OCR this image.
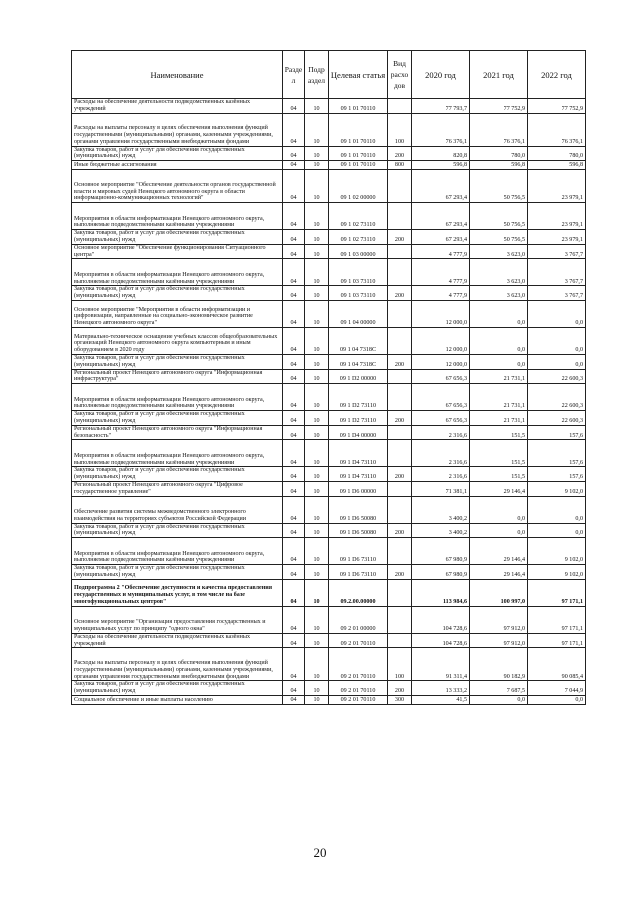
Наименование	Разде л	Подр аздел	Целевая статья	Вид расхо дов	2020 год	2021 год	2022 год
Расходы на обеспечение деятельности подведомственных казённых учреждений	04	10	09 1 01 70110		77 793,7	77 752,9	77 752,9
Расходы на выплаты персоналу в целях обеспечения выполнения функций государственными (муниципальными) органами, казенными учреждениями, органами управления государственными внебюджетными фондами	04	10	09 1 01 70110	100	76 376,1	76 376,1	76 376,1
Закупка товаров, работ и услуг для обеспечения государственных (муниципальных) нужд	04	10	09 1 01 70110	200	820,8	780,0	780,0
Иные бюджетные ассигнования	04	10	09 1 01 70110	800	596,8	596,8	596,8
Основное мероприятие "Обеспечение деятельности органов государственной власти и мировых судей Ненецкого автономного округа в области информационно-коммуникационных технологий"	04	10	09 1 02 00000		67 293,4	50 756,5	23 979,1
Мероприятия в области информатизации Ненецкого автономного округа, выполняемые подведомственными казёнными учреждениями	04	10	09 1 02 73110		67 293,4	50 756,5	23 979,1
Закупка товаров, работ и услуг для обеспечения государственных (муниципальных) нужд	04	10	09 1 02 73110	200	67 293,4	50 756,5	23 979,1
Основное мероприятие "Обеспечение функционирования Ситуационного центра"	04	10	09 1 03 00000		4 777,9	3 623,0	3 767,7
Мероприятия в области информатизации Ненецкого автономного округа, выполняемые подведомственными казёнными учреждениями	04	10	09 1 03 73110		4 777,9	3 623,0	3 767,7
Закупка товаров, работ и услуг для обеспечения государственных (муниципальных) нужд	04	10	09 1 03 73110	200	4 777,9	3 623,0	3 767,7
Основное мероприятие "Мероприятия в области информатизации и цифровизации, направленные на социально-экономическое развитие Ненецкого автономного округа"	04	10	09 1 04 00000		12 000,0	0,0	0,0
Материально-техническое оснащение учебных классов общеобразовательных организаций Ненецкого автономного округа компьютерным и иным оборудованием в 2020 году	04	10	09 1 04 7318С		12 000,0	0,0	0,0
Закупка товаров, работ и услуг для обеспечения государственных (муниципальных) нужд	04	10	09 1 04 7318С	200	12 000,0	0,0	0,0
Региональный проект Ненецкого автономного округа "Информационная инфраструктура"	04	10	09 1 D2 00000		67 656,3	21 731,1	22 600,3
Мероприятия в области информатизации Ненецкого автономного округа, выполняемые подведомственными казёнными учреждениями	04	10	09 1 D2 73110		67 656,3	21 731,1	22 600,3
Закупка товаров, работ и услуг для обеспечения государственных (муниципальных) нужд	04	10	09 1 D2 73110	200	67 656,3	21 731,1	22 600,3
Региональный проект Ненецкого автономного округа "Информационная безопасность"	04	10	09 1 D4 00000		2 316,6	151,5	157,6
Мероприятия в области информатизации Ненецкого автономного округа, выполняемые подведомственными казёнными учреждениями	04	10	09 1 D4 73110		2 316,6	151,5	157,6
Закупка товаров, работ и услуг для обеспечения государственных (муниципальных) нужд	04	10	09 1 D4 73110	200	2 316,6	151,5	157,6
Региональный проект Ненецкого автономного округа "Цифровое государственное управление"	04	10	09 1 D6 00000		71 381,1	29 146,4	9 102,0
Обеспечение развития системы межведомственного электронного взаимодействия на территориях субъектов Российской Федерации	04	10	09 1 D6 50080		3 400,2	0,0	0,0
Закупка товаров, работ и услуг для обеспечения государственных (муниципальных) нужд	04	10	09 1 D6 50080	200	3 400,2	0,0	0,0
Мероприятия в области информатизации Ненецкого автономного округа, выполняемые подведомственными казёнными учреждениями	04	10	09 1 D6 73110		67 980,9	29 146,4	9 102,0
Закупка товаров, работ и услуг для обеспечения государственных (муниципальных) нужд	04	10	09 1 D6 73110	200	67 980,9	29 146,4	9 102,0
Подпрограмма 2 "Обеспечение доступности и качества предоставления государственных и муниципальных услуг, в том числе на базе многофункциональных центров"	04	10	09.2.00.00000		113 984,6	100 997,0	97 171,1
Основное мероприятие "Организация предоставления государственных и муниципальных услуг по принципу "одного окна"	04	10	09 2 01 00000		104 728,6	97 912,0	97 171,1
Расходы на обеспечение деятельности подведомственных казённых учреждений	04	10	09 2 01 70110		104 728,6	97 912,0	97 171,1
Расходы на выплаты персоналу в целях обеспечения выполнения функций государственными (муниципальными) органами, казенными учреждениями, органами управления государственными внебюджетными фондами	04	10	09 2 01 70110	100	91 311,4	90 182,9	90 085,4
Закупка товаров, работ и услуг для обеспечения государственных (муниципальных) нужд	04	10	09 2 01 70110	200	13 333,2	7 687,5	7 044,9
Социальное обеспечение и иные выплаты населению	04	10	09 2 01 70110	300	41,5	0,0	0,0
20
